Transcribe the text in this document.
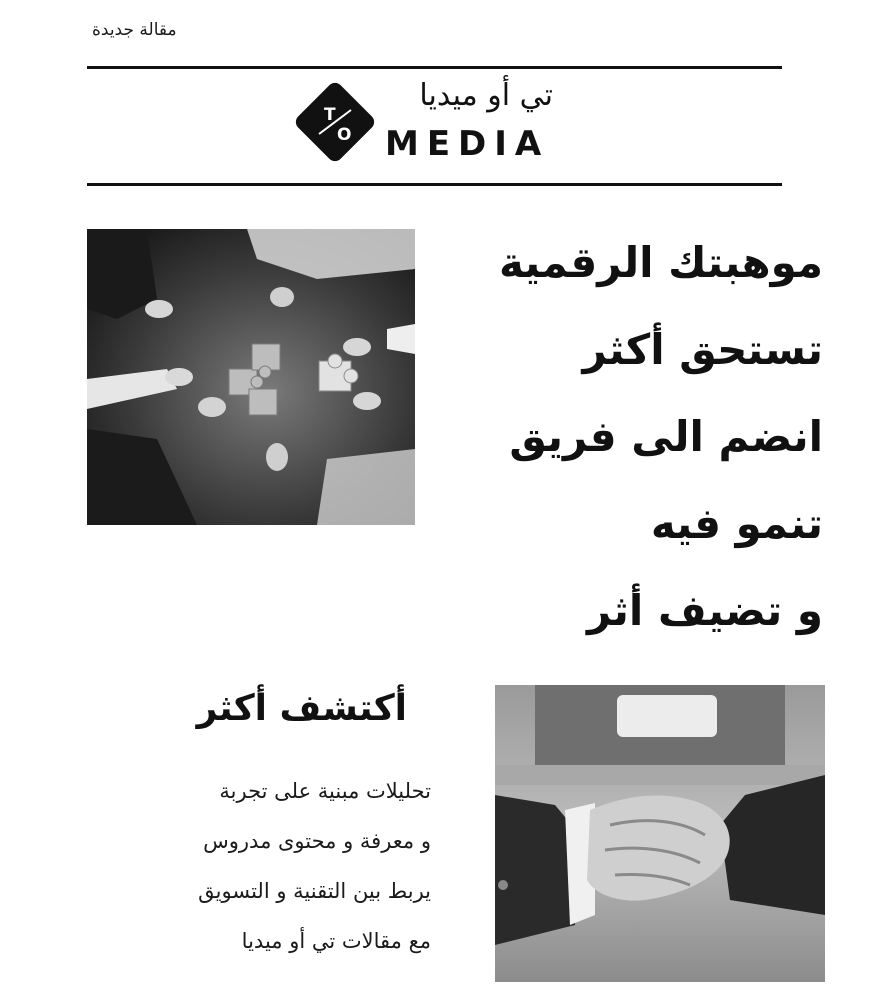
مقالة جديدة
T
O
تي أو ميديا
MEDIA
موهبتك الرقمية
تستحق أكثر
انضم الى فريق
تنمو فيه
و تضيف أثر
أكتشف أكثر
تحليلات مبنية على تجربة
و معرفة و محتوى مدروس
يربط بين التقنية و التسويق
مع مقالات تي أو ميديا
